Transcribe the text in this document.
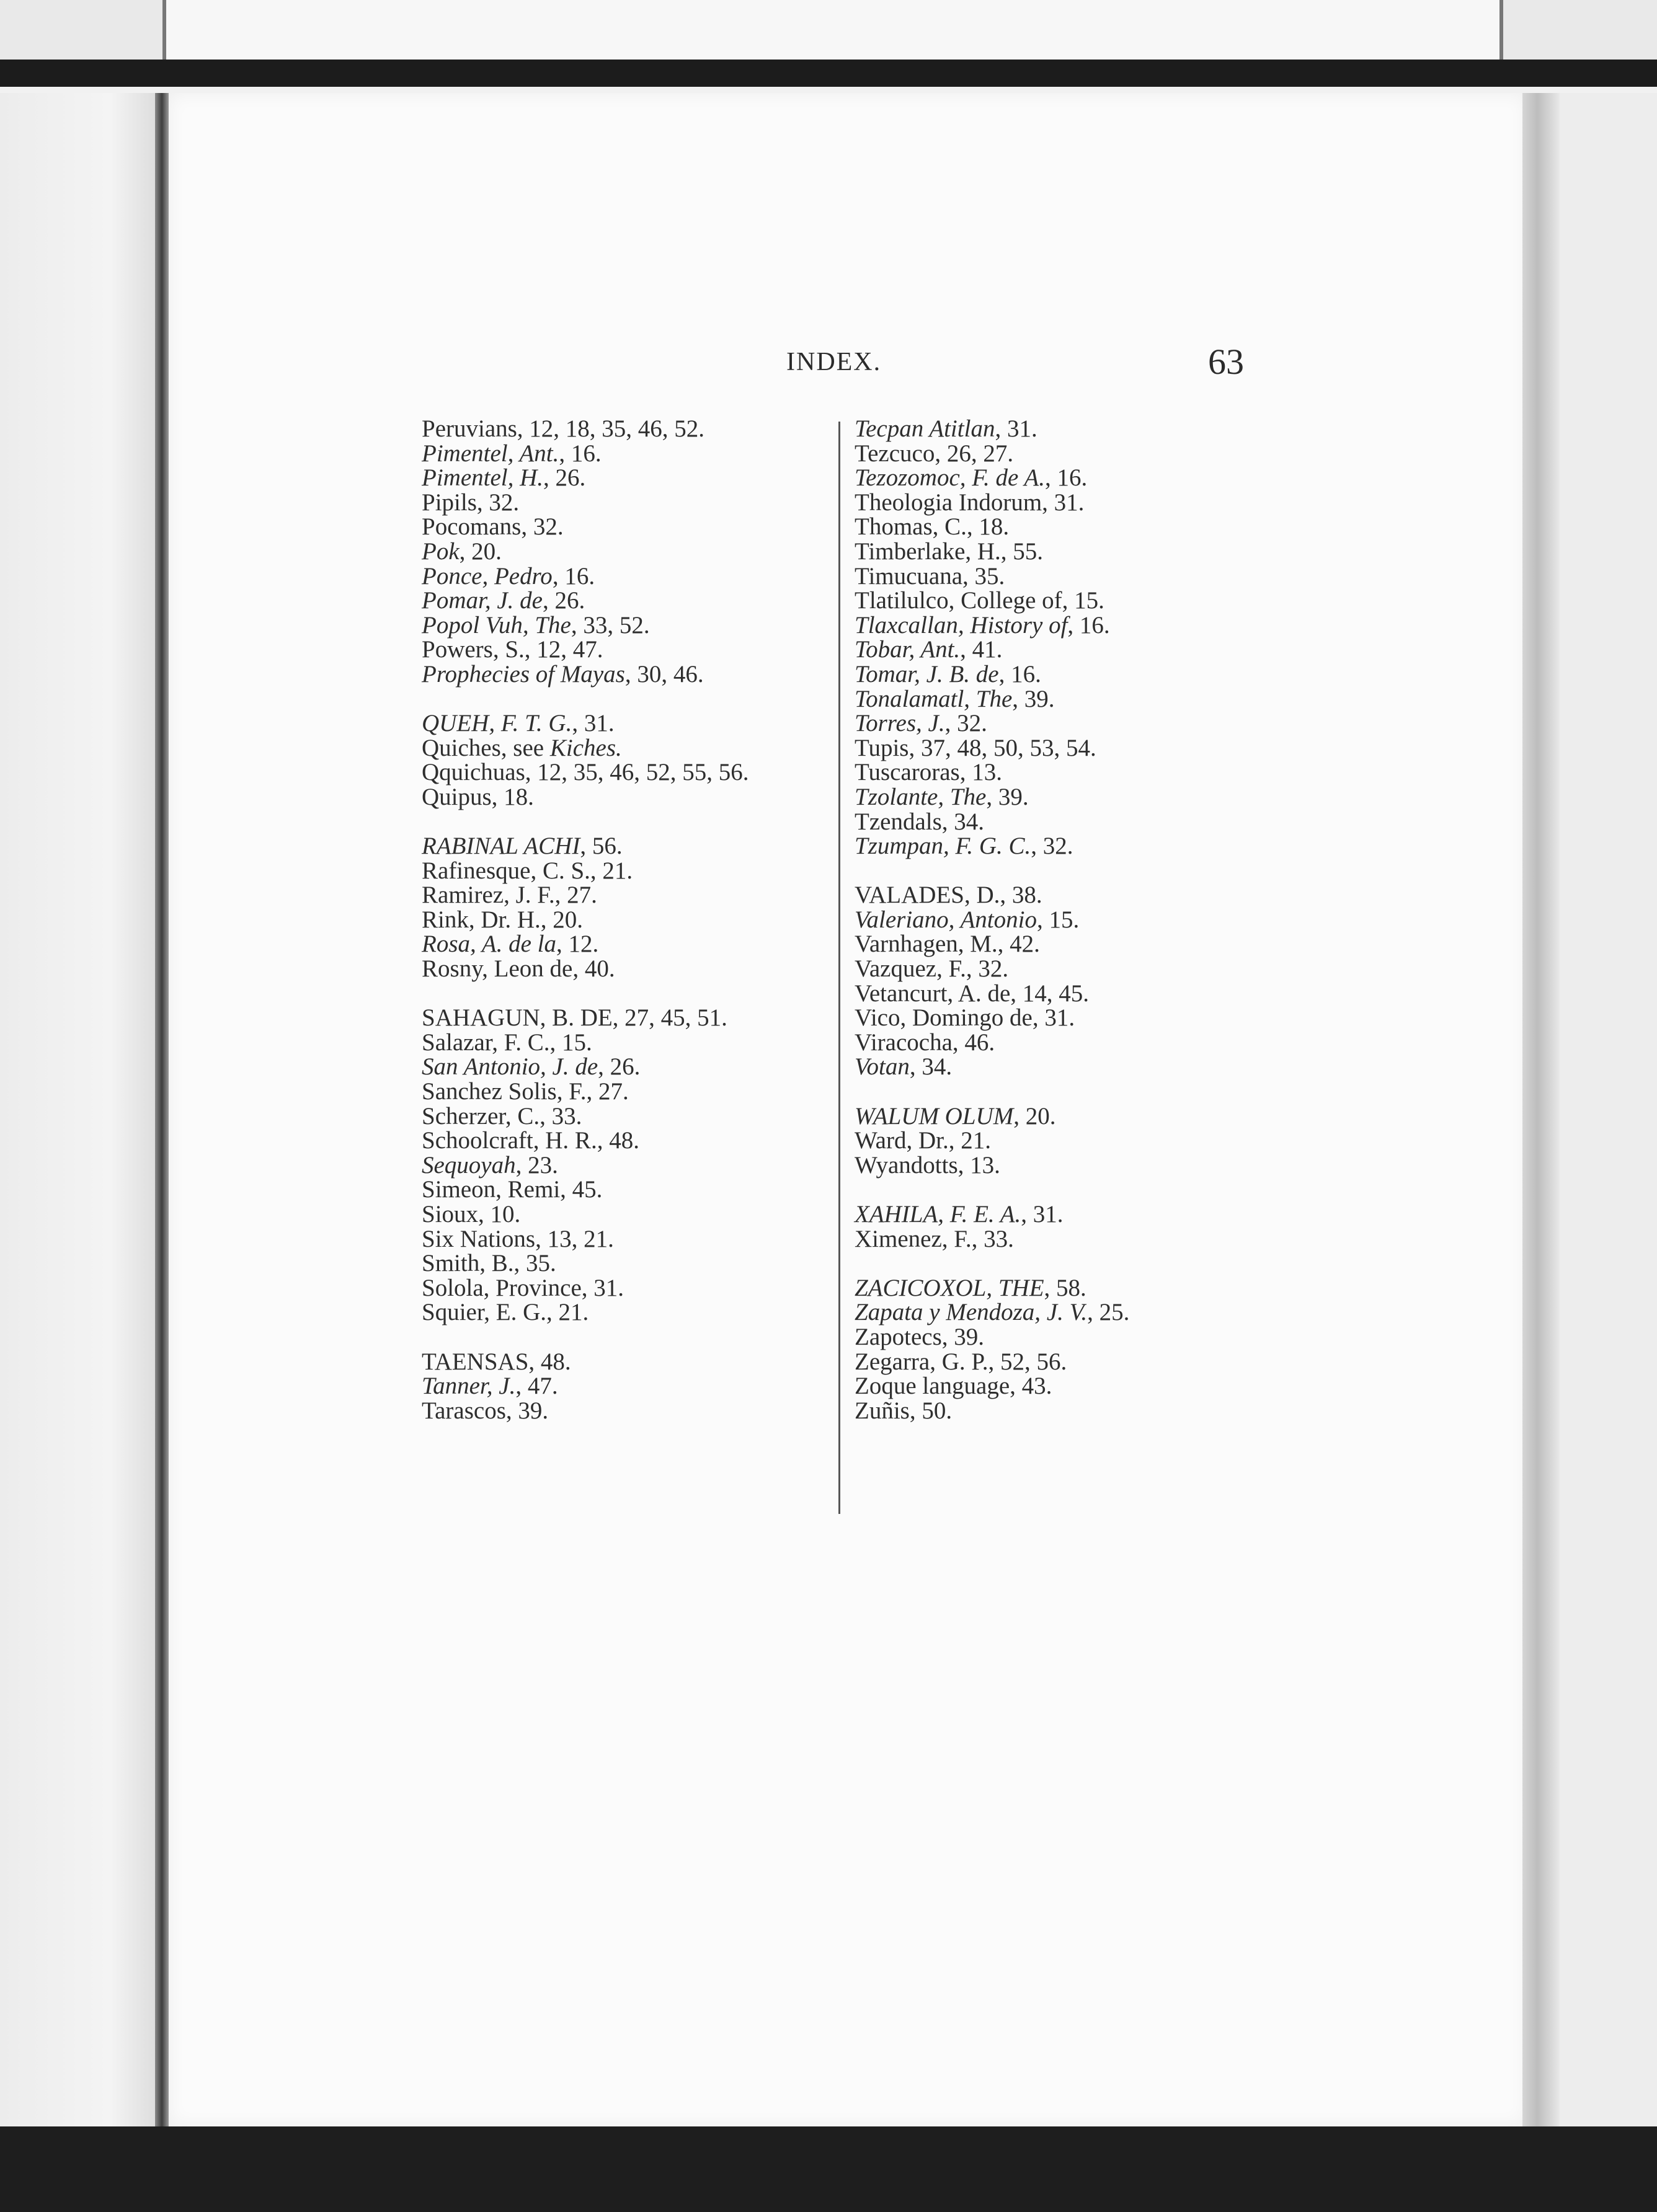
INDEX.	63
Peruvians, 12, 18, 35, 46, 52.
Pimentel, Ant., 16.
Pimentel, H., 26.
Pipils, 32.
Pocomans, 32.
Pok, 20.
Ponce, Pedro, 16.
Pomar, J. de, 26.
Popol Vuh, The, 33, 52.
Powers, S., 12, 47.
Prophecies of Mayas, 30, 46.
QUEH, F. T. G., 31.
Quiches, see Kiches.
Qquichuas, 12, 35, 46, 52, 55, 56.
Quipus, 18.
RABINAL ACHI, 56.
Rafinesque, C. S., 21.
Ramirez, J. F., 27.
Rink, Dr. H., 20.
Rosa, A. de la, 12.
Rosny, Leon de, 40.
SAHAGUN, B. DE, 27, 45, 51.
Salazar, F. C., 15.
San Antonio, J. de, 26.
Sanchez Solis, F., 27.
Scherzer, C., 33.
Schoolcraft, H. R., 48.
Sequoyah, 23.
Simeon, Remi, 45.
Sioux, 10.
Six Nations, 13, 21.
Smith, B., 35.
Solola, Province, 31.
Squier, E. G., 21.
TAENSAS, 48.
Tanner, J., 47.
Tarascos, 39.
Tecpan Atitlan, 31.
Tezcuco, 26, 27.
Tezozomoc, F. de A., 16.
Theologia Indorum, 31.
Thomas, C., 18.
Timberlake, H., 55.
Timucuana, 35.
Tlatilulco, College of, 15.
Tlaxcallan, History of, 16.
Tobar, Ant., 41.
Tomar, J. B. de, 16.
Tonalamatl, The, 39.
Torres, J., 32.
Tupis, 37, 48, 50, 53, 54.
Tuscaroras, 13.
Tzolante, The, 39.
Tzendals, 34.
Tzumpan, F. G. C., 32.
VALADES, D., 38.
Valeriano, Antonio, 15.
Varnhagen, M., 42.
Vazquez, F., 32.
Vetancurt, A. de, 14, 45.
Vico, Domingo de, 31.
Viracocha, 46.
Votan, 34.
WALUM OLUM, 20.
Ward, Dr., 21.
Wyandotts, 13.
XAHILA, F. E. A., 31.
Ximenez, F., 33.
ZACICOXOL, THE, 58.
Zapata y Mendoza, J. V., 25.
Zapotecs, 39.
Zegarra, G. P., 52, 56.
Zoque language, 43.
Zuñis, 50.
